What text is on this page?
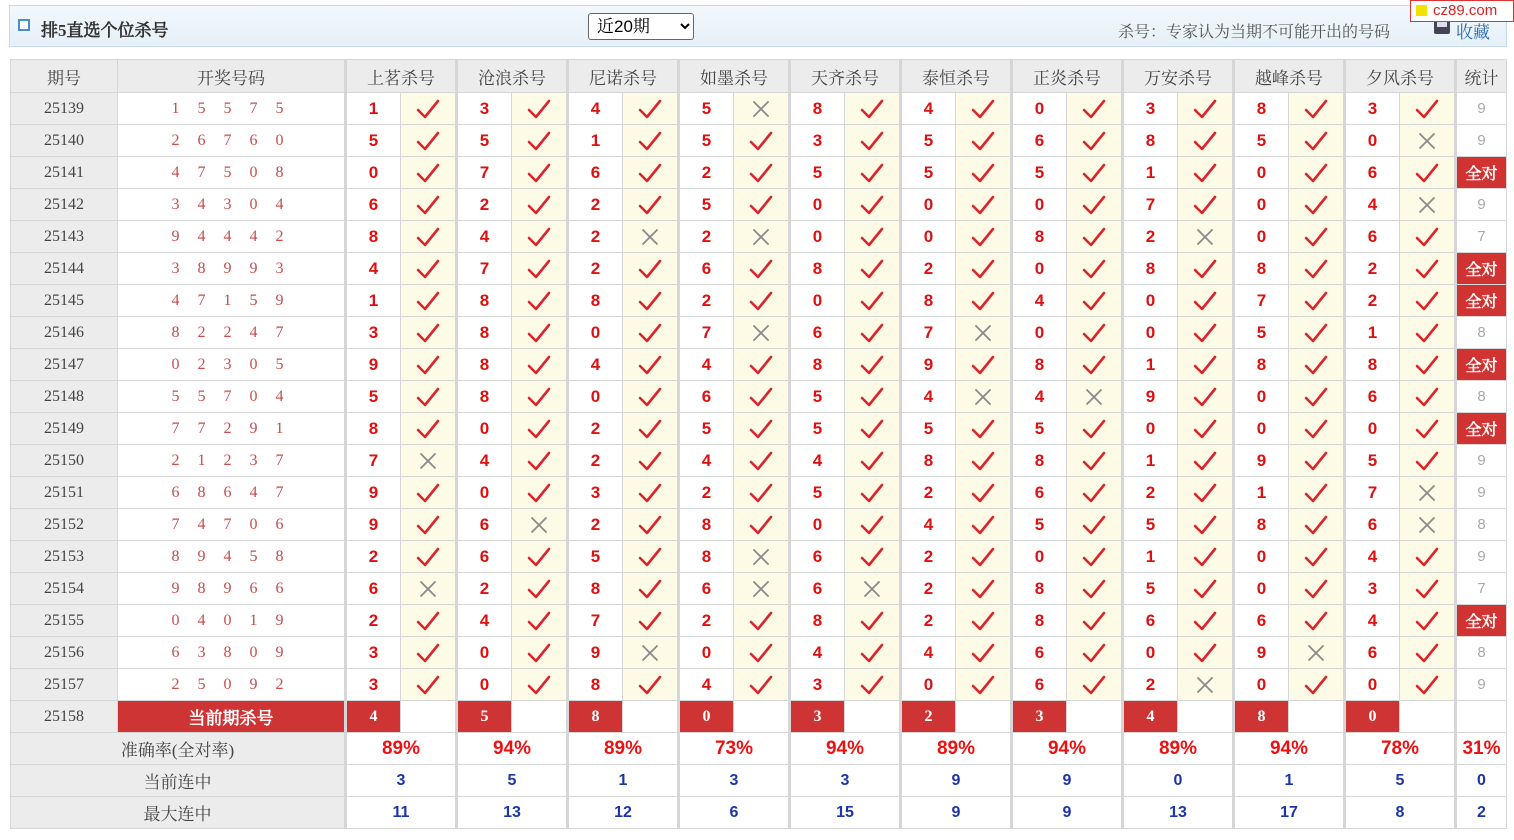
排5直选个位杀号
近20期	杀号：专家认为当期不可能开出的号码	收藏
cz89.com
期号	开奖号码	上茗杀号		沧浪杀号		尼诺杀号		如墨杀号		天齐杀号		泰恒杀号		正炎杀号		万安杀号		越峰杀号		夕风杀号		统计
25139	1 5 5 7 5	1		3		4		5		8		4		0		3		8		3		9
25140	2 6 7 6 0	5		5		1		5		3		5		6		8		5		0		9
25141	4 7 5 0 8	0		7		6		2		5		5		5		1		0		6		全对
25142	3 4 3 0 4	6		2		2		5		0		0		0		7		0		4		9
25143	9 4 4 4 2	8		4		2		2		0		0		8		2		0		6		7
25144	3 8 9 9 3	4		7		2		6		8		2		0		8		8		2		全对
25145	4 7 1 5 9	1		8		8		2		0		8		4		0		7		2		全对
25146	8 2 2 4 7	3		8		0		7		6		7		0		0		5		1		8
25147	0 2 3 0 5	9		8		4		4		8		9		8		1		8		8		全对
25148	5 5 7 0 4	5		8		0		6		5		4		4		9		0		6		8
25149	7 7 2 9 1	8		0		2		5		5		5		5		0		0		0		全对
25150	2 1 2 3 7	7		4		2		4		4		8		8		1		9		5		9
25151	6 8 6 4 7	9		0		3		2		5		2		6		2		1		7		9
25152	7 4 7 0 6	9		6		2		8		0		4		5		5		8		6		8
25153	8 9 4 5 8	2		6		5		8		6		2		0		1		0		4		9
25154	9 8 9 6 6	6		2		8		6		6		2		8		5		0		3		7
25155	0 4 0 1 9	2		4		7		2		8		2		8		6		6		4		全对
25156	6 3 8 0 9	3		0		9		0		4		4		6		0		9		6		8
25157	2 5 0 9 2	3		0		8		4		3		0		6		2		0		0		9
25158	当前期杀号	4		5		8		0		3		2		3		4		8		0		
准确率(全对率)		89%		94%		89%		73%		94%		89%		94%		89%		94%		78%		31%
当前连中		3		5		1		3		3		9		9		0		1		5		0
最大连中		11		13		12		6		15		9		9		13		17		8		2
